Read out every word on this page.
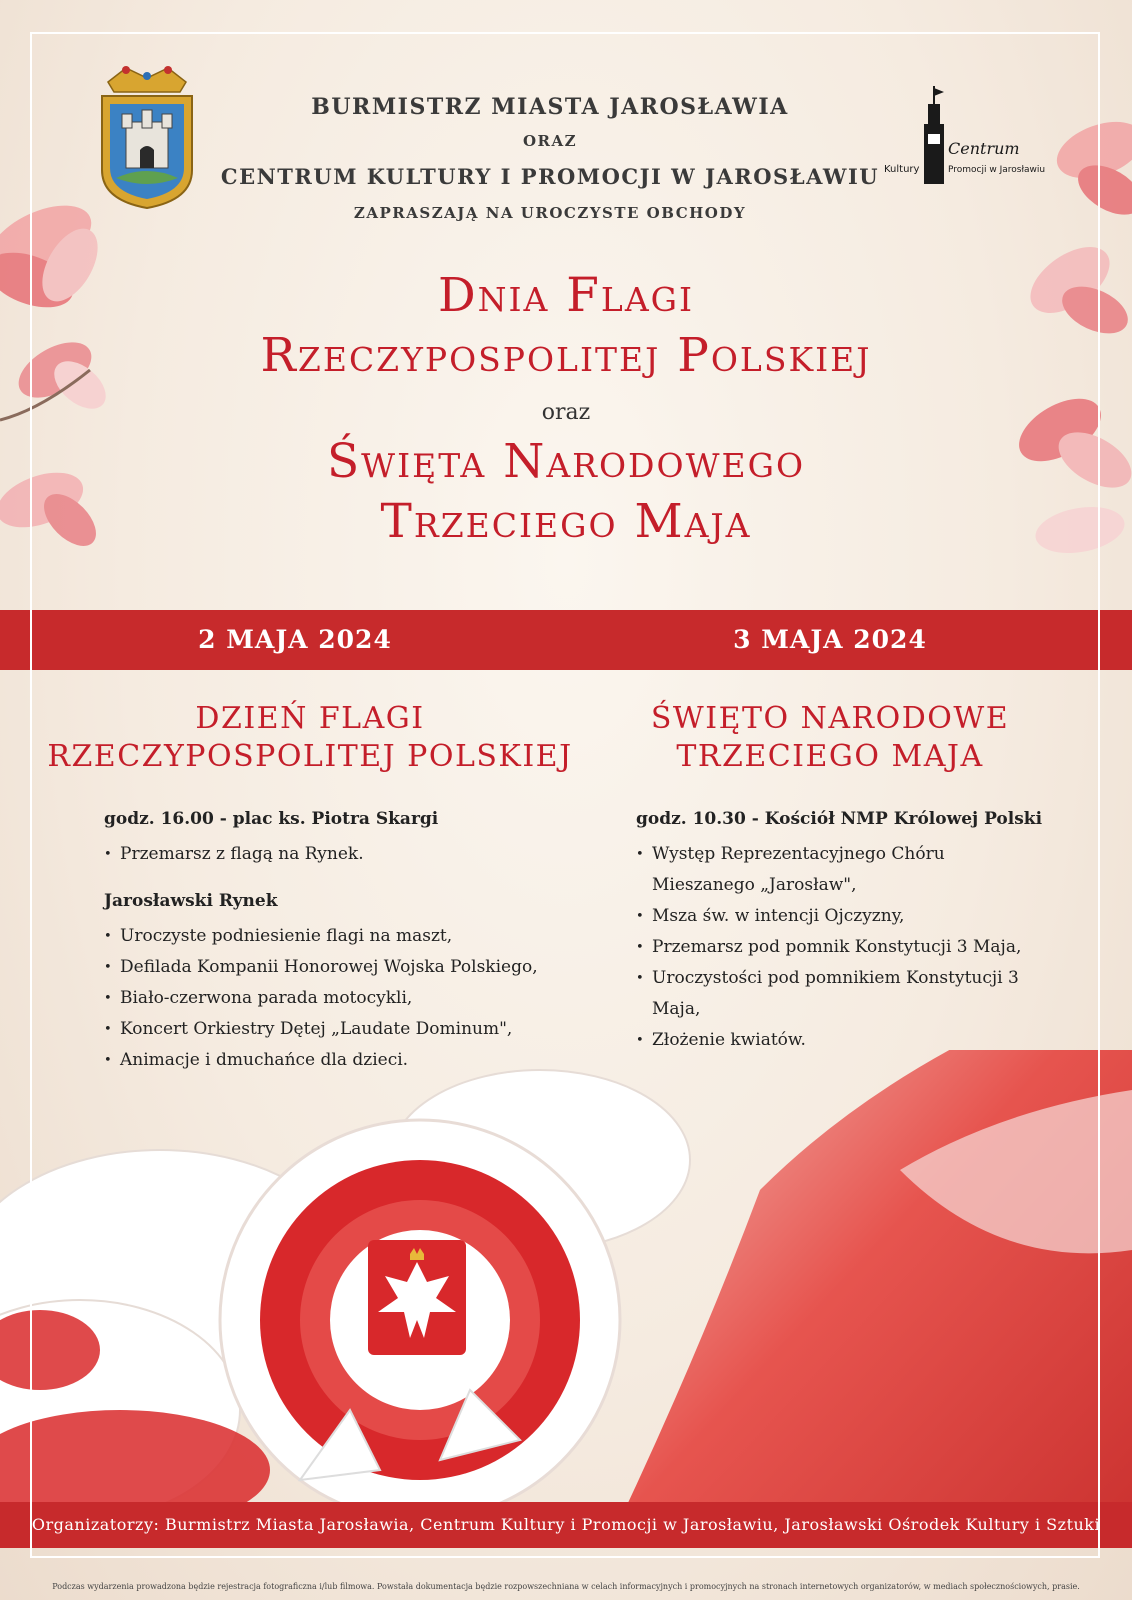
Centrum
Kultury	Promocji w Jarosławiu
BURMISTRZ MIASTA JAROSŁAWIA
ORAZ
CENTRUM KULTURY I PROMOCJI W JAROSŁAWIU
ZAPRASZAJĄ NA UROCZYSTE OBCHODY
Dnia Flagi
Rzeczypospolitej Polskiej
oraz
Święta Narodowego
Trzeciego Maja
2 MAJA 2024	3 MAJA 2024
DZIEŃ FLAGI
RZECZYPOSPOLITEJ POLSKIEJ
ŚWIĘTO NARODOWE
TRZECIEGO MAJA
godz. 16.00 - plac ks. Piotra Skargi
• Przemarsz z flagą na Rynek.
Jarosławski Rynek
• Uroczyste podniesienie flagi na maszt,
• Defilada Kompanii Honorowej Wojska Polskiego,
• Biało-czerwona parada motocykli,
• Koncert Orkiestry Dętej „Laudate Dominum",
• Animacje i dmuchańce dla dzieci.
godz. 10.30 - Kościół NMP Królowej Polski
• Występ Reprezentacyjnego Chóru Mieszanego „Jarosław",
• Msza św. w intencji Ojczyzny,
• Przemarsz pod pomnik Konstytucji 3 Maja,
• Uroczystości pod pomnikiem Konstytucji 3 Maja,
• Złożenie kwiatów.
Organizatorzy: Burmistrz Miasta Jarosławia, Centrum Kultury i Promocji w Jarosławiu, Jarosławski Ośrodek Kultury i Sztuki
Podczas wydarzenia prowadzona będzie rejestracja fotograficzna i/lub filmowa. Powstała dokumentacja będzie rozpowszechniana w celach informacyjnych i promocyjnych na stronach internetowych organizatorów, w mediach społecznościowych, prasie.
